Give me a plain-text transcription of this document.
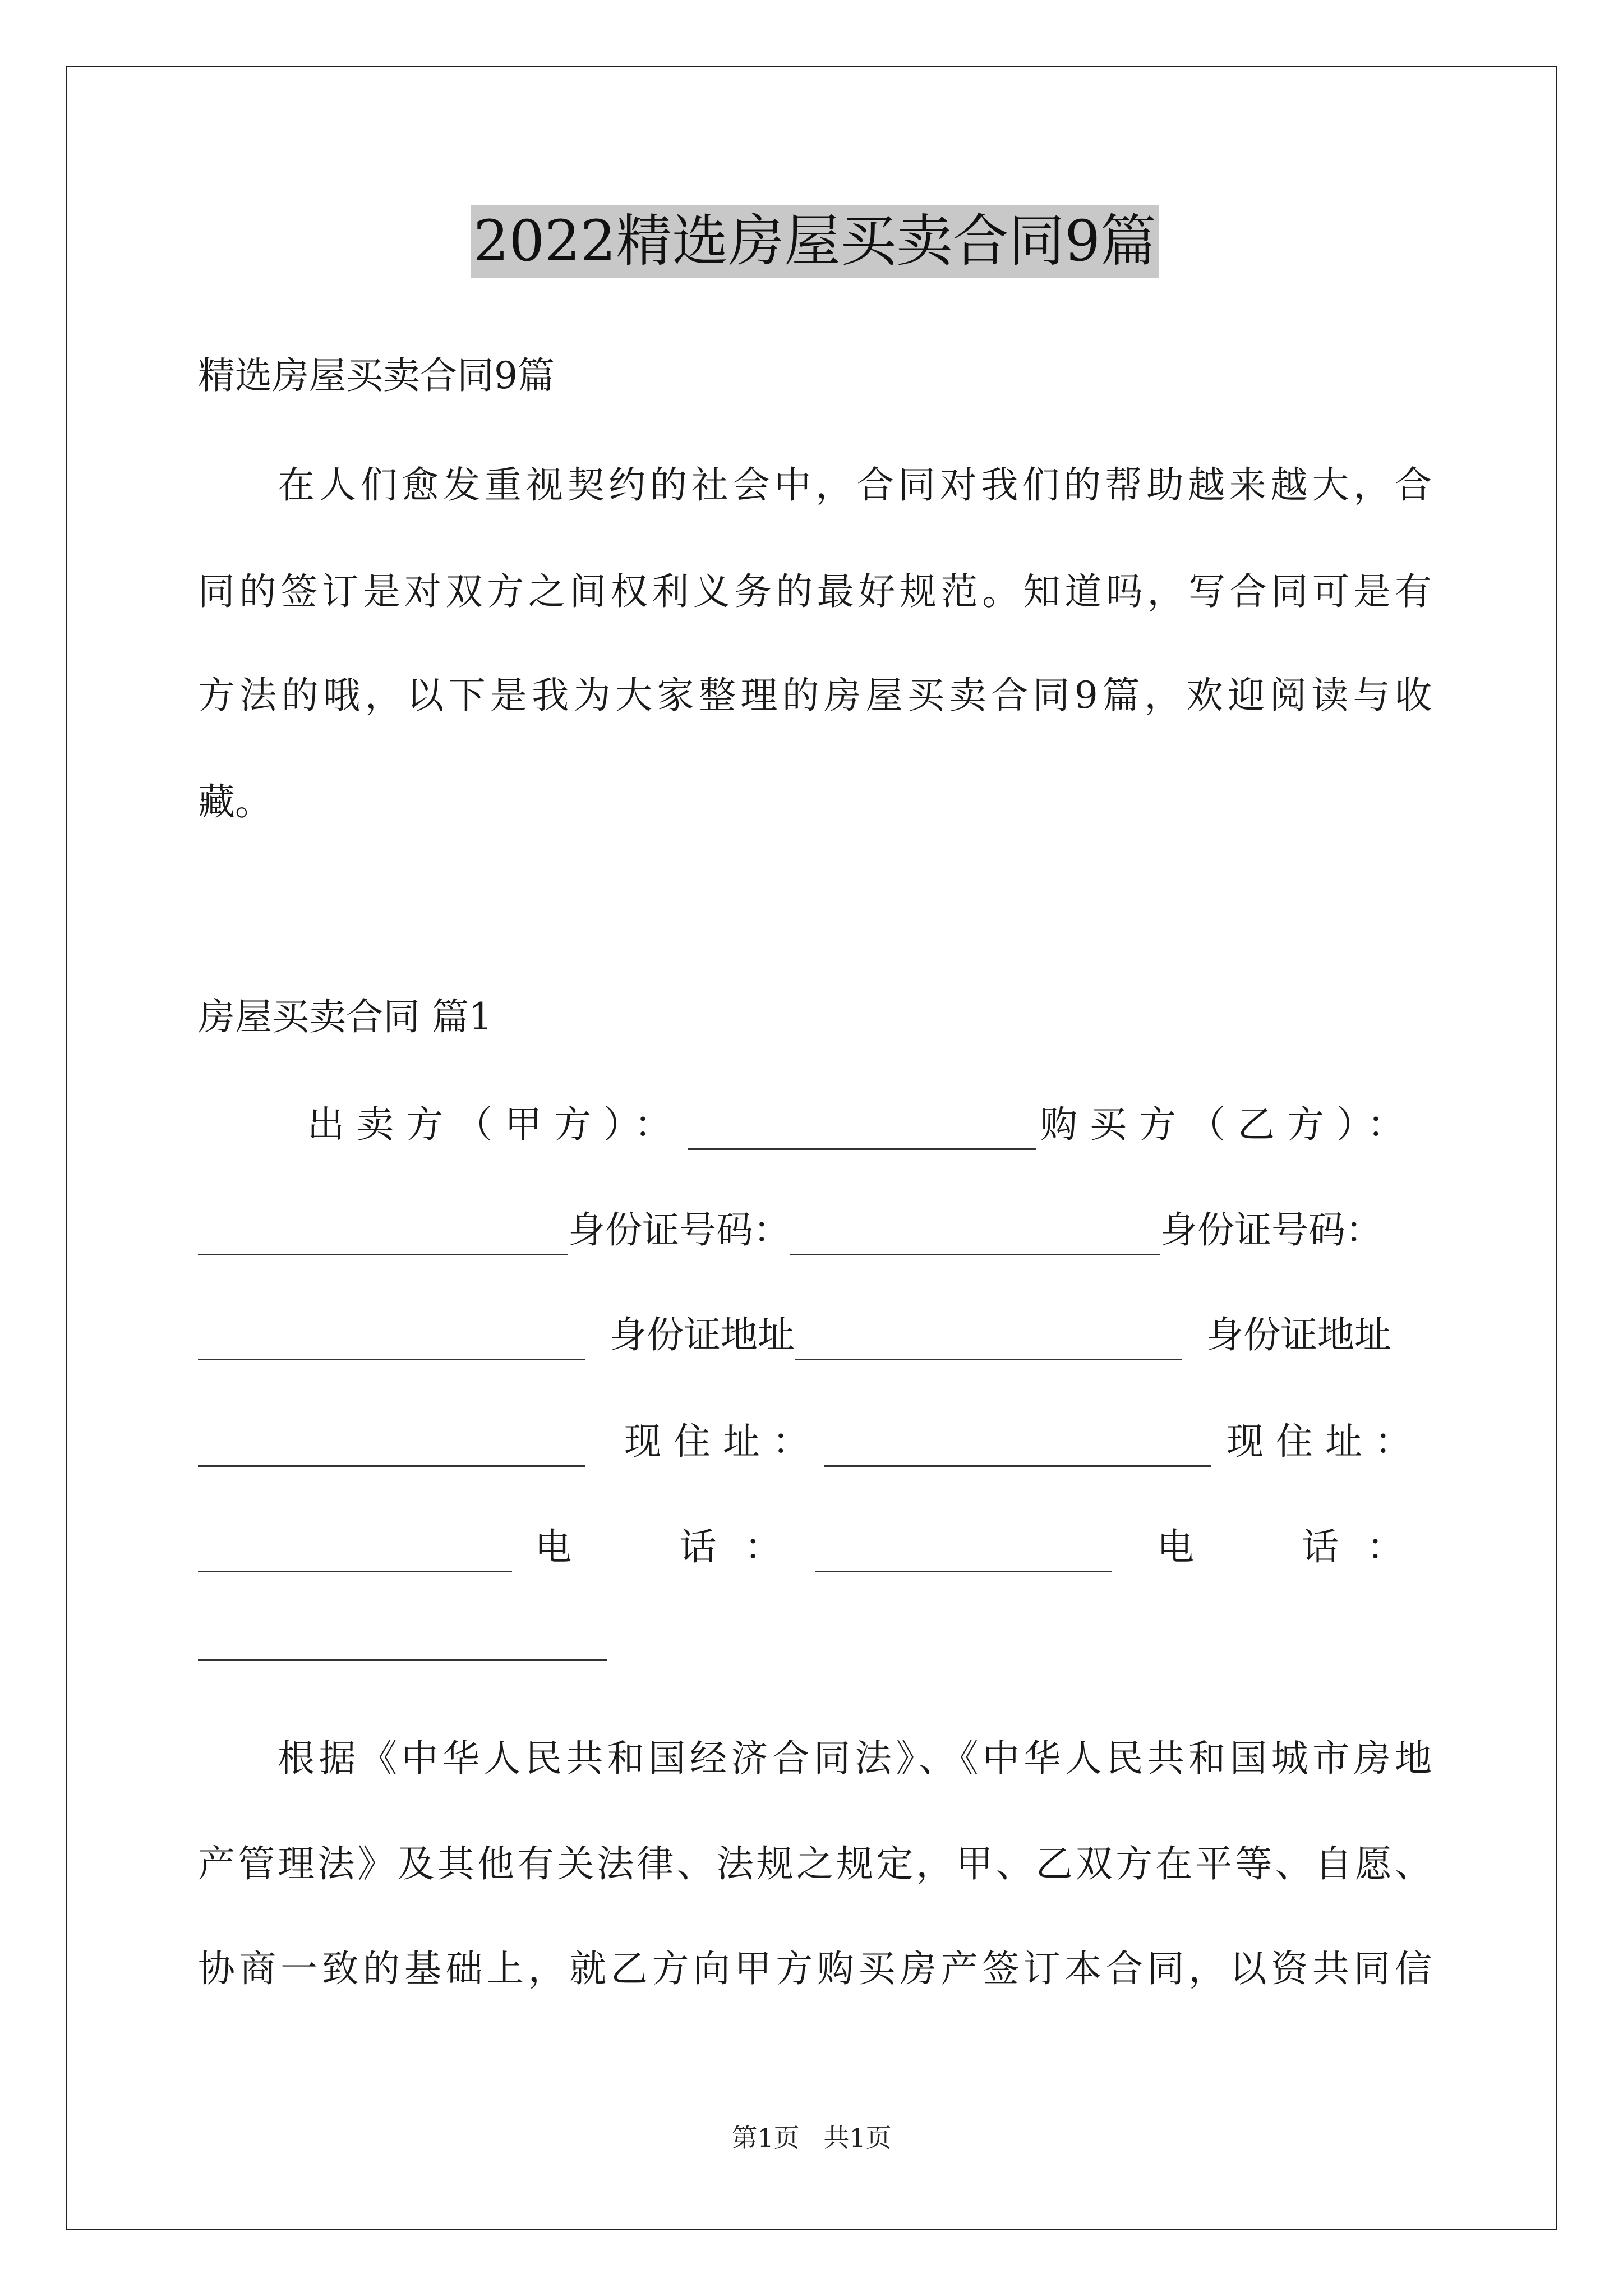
2022精选房屋买卖合同9篇
精选房屋买卖合同9篇
在人们愈发重视契约的社会中，合同对我们的帮助越来越大，合
同的签订是对双方之间权利义务的最好规范。知道吗，写合同可是有
方法的哦，以下是我为大家整理的房屋买卖合同9篇，欢迎阅读与收
藏。
房屋买卖合同 篇1
出卖方（甲方）：	购买方（乙方）：
身份证号码：	身份证号码：
身份证地址	身份证地址
现住址：	现住址：
电  话：	电  话：
根据《中华人民共和国经济合同法》、《中华人民共和国城市房地
产管理法》及其他有关法律、法规之规定，甲、乙双方在平等、自愿、
协商一致的基础上，就乙方向甲方购买房产签订本合同，以资共同信
第1页 共1页
